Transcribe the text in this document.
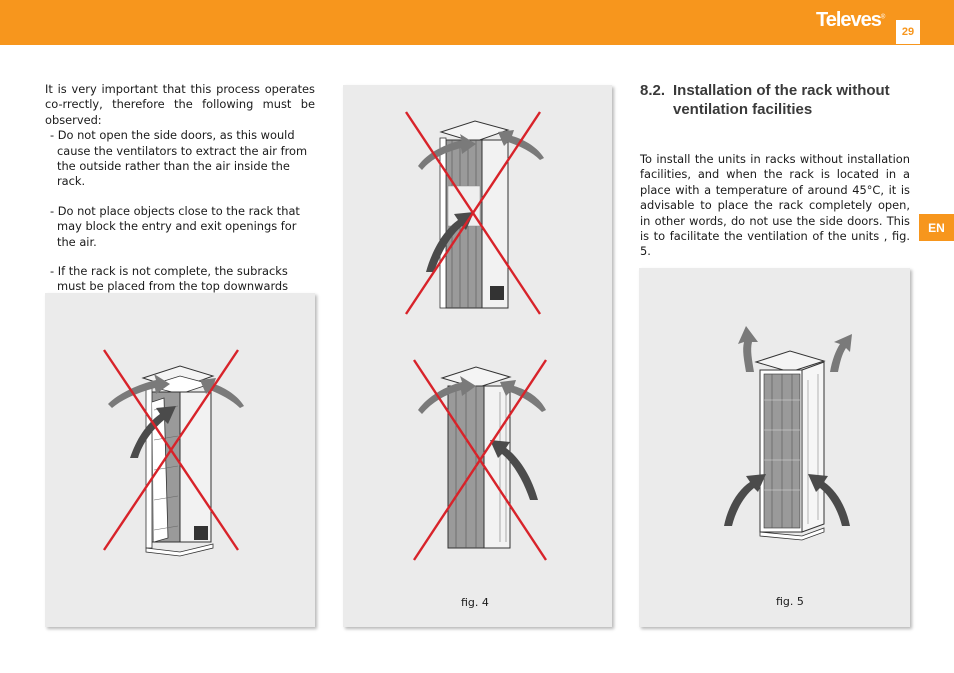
Televes®
29
EN

It is very important that this process operates co-rrectly, therefore the following must be observed:

- Do not open the side doors, as this would cause the ventilators to extract the air from the outside rather than the air inside the rack.
- Do not place objects close to the rack that may block the entry and exit openings for the air.
- If the rack is not complete, the subracks must be placed from the top downwards
8.2. Installation of the rack without
ventilation facilities

To install the units in racks without installation facilities, and when the rack is located in a place with a temperature of around 45°C, it is advisable to place the rack completely open, in other words, do not use the side doors. This is to facilitate the ventilation of the units , fig. 5.

fig. 4	fig. 5
